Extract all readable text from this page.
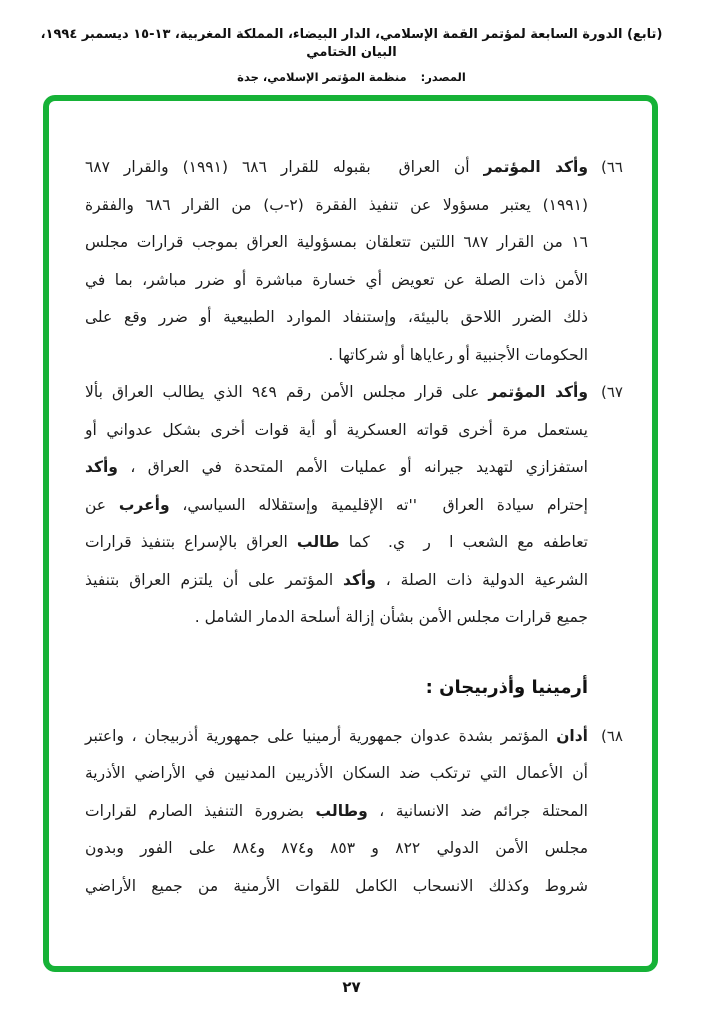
(تابع) الدورة السابعة لمؤتمر القمة الإسلامي، الدار البيضاء، المملكة المغربية، ١٣-١٥ ديسمبر ١٩٩٤، البيان الختامي
المصدر:منظمة المؤتمر الإسلامي، جدة
٦٦)
وأكد المؤتمر أن العراق  بقبوله للقرار ٦٨٦ (١٩٩١) والقرار ٦٨٧
(١٩٩١) يعتبر مسؤولا عن تنفيذ الفقرة (٢-ب) من القرار ٦٨٦ والفقرة
١٦ من القرار ٦٨٧ اللتين تتعلقان بمسؤولية العراق بموجب قرارات مجلس
الأمن ذات الصلة عن تعويض أي خسارة مباشرة أو ضرر مباشر، بما في
ذلك الضرر اللاحق بالبيئة، وإستنفاد الموارد الطبيعية أو ضرر وقع على
الحكومات الأجنبية أو رعاياها أو شركاتها .
٦٧)
وأكد المؤتمر على قرار مجلس الأمن رقم ٩٤٩ الذي يطالب العراق بألا
يستعمل مرة أخرى قواته العسكرية أو أية قوات أخرى بشكل عدواني أو
استفزازي لتهديد جيرانه أو عمليات الأمم المتحدة في العراق ، وأكد
إحترام سيادة العراق  ''ته الإقليمية وإستقلاله السياسي، وأعرب عن
تعاطفه مع الشعب ا  ر  ي.  كما طالب العراق بالإسراع بتنفيذ قرارات
الشرعية الدولية ذات الصلة ، وأكد المؤتمر على أن يلتزم العراق بتنفيذ
جميع قرارات مجلس الأمن بشأن إزالة أسلحة الدمار الشامل .
أرمينيا وأذربيجان :
٦٨)
أدان المؤتمر بشدة عدوان جمهورية أرمينيا على جمهورية أذربيجان ، واعتبر
أن الأعمال التي ترتكب ضد السكان الأذريين المدنيين في الأراضي الأذرية
المحتلة جرائم ضد الانسانية ، وطالب بضرورة التنفيذ الصارم لقرارات
مجلس الأمن الدولي ٨٢٢ و ٨٥٣ و٨٧٤ و٨٨٤ على الفور وبدون
شروط وكذلك الانسحاب الكامل للقوات الأرمنية من جميع الأراضي
٢٧
